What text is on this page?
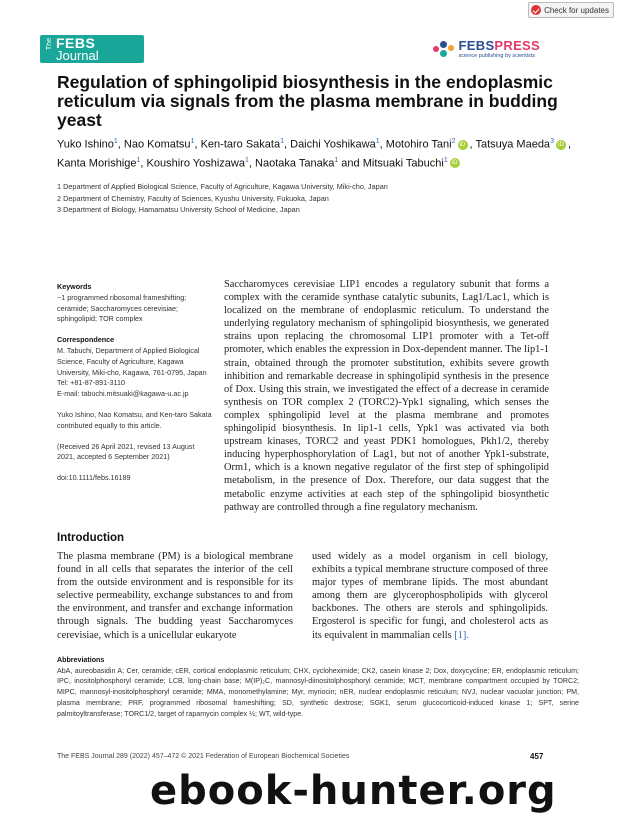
Check for updates
The FEBS
Journal
FEBSPRESS
science publishing by scientists
Regulation of sphingolipid biosynthesis in the endoplasmic reticulum via signals from the plasma membrane in budding yeast
Yuko Ishino$^1$, Nao Komatsu$^1$, Ken-taro Sakata$^1$, Daichi Yoshikawa$^1$, Motohiro Tani$^2$ iD , Tatsuya Maeda$^3$ iD , Kanta Morishige$^1$, Koushiro Yoshizawa$^1$, Naotaka Tanaka$^1$ and Mitsuaki Tabuchi$^1$ iD
1 Department of Applied Biological Science, Faculty of Agriculture, Kagawa University, Miki-cho, Japan
2 Department of Chemistry, Faculty of Sciences, Kyushu University, Fukuoka, Japan
3 Department of Biology, Hamamatsu University School of Medicine, Japan
Keywords

−1 programmed ribosomal frameshifting; ceramide; Saccharomyces cerevisiae; sphingolipid; TOR complex

Correspondence

M. Tabuchi, Department of Applied Biological Science, Faculty of Agriculture, Kagawa University, Miki-cho, Kagawa, 761-0795, Japan

Tel: +81-87-891-3110

E-mail: tabuchi.mitsuaki@kagawa-u.ac.jp

Yuko Ishino, Nao Komatsu, and Ken-taro Sakata contributed equally to this article.

(Received 26 April 2021, revised 13 August 2021, accepted 6 September 2021)

doi:10.1111/febs.16189

Saccharomyces cerevisiae LIP1 encodes a regulatory subunit that forms a complex with the ceramide synthase catalytic subunits, Lag1/Lac1, which is localized on the membrane of endoplasmic reticulum. To understand the underlying regulatory mechanism of sphingolipid biosynthesis, we generated strains upon replacing the chromosomal LIP1 promoter with a Tet-off promoter, which enables the expression in Dox-dependent manner. The lip1-1 strain, obtained through the promoter substitution, exhibits severe growth inhibition and remarkable decrease in sphingolipid synthesis in the presence of Dox. Using this strain, we investigated the effect of a decrease in ceramide synthesis on TOR complex 2 (TORC2)-Ypk1 signaling, which senses the complex sphingolipid level at the plasma membrane and promotes sphingolipid biosynthesis. In lip1-1 cells, Ypk1 was activated via both upstream kinases, TORC2 and yeast PDK1 homologues, Pkh1/2, thereby inducing hyperphosphorylation of Lag1, but not of another Ypk1-substrate, Orm1, which is a known negative regulator of the first step of sphingolipid metabolism, in the presence of Dox. Therefore, our data suggest that the metabolic enzyme activities at each step of the sphingolipid biosynthetic pathway are controlled through a fine regulatory mechanism.
Introduction
The plasma membrane (PM) is a biological membrane found in all cells that separates the interior of the cell from the outside environment and is responsible for its selective permeability, exchange substances to and from the environment, and transfer and exchange information through signals. The budding yeast Saccharomyces cerevisiae, which is a unicellular eukaryote
used widely as a model organism in cell biology, exhibits a typical membrane structure composed of three major types of membrane lipids. The most abundant among them are glycerophospholipids with glycerol backbones. The others are sterols and sphingolipids. Ergosterol is specific for fungi, and cholesterol acts as its equivalent in mammalian cells [1].
Abbreviations

AbA, aureobasidin A; Cer, ceramide; cER, cortical endoplasmic reticulum; CHX, cycloheximide; CK2, casein kinase 2; Dox, doxycycline; ER, endoplasmic reticulum; IPC, inositolphosphoryl ceramide; LCB, long-chain base; M(IP)₂C, mannosyl-diinositolphosphoryl ceramide; MCT, membrane compartment occupied by TORC2; MIPC, mannosyl-inositolphosphoryl ceramide; MMA, monomethylamine; Myr, myriocin; nER, nuclear endoplasmic reticulum; NVJ, nuclear vacuolar junction; PM, plasma membrane; PRF, programmed ribosomal frameshifting; SD, synthetic dextrose; SGK1, serum glucocorticoid-induced kinase 1; SPT, serine palmitoyltransferase; TORC1/2, target of rapamycin complex ½; WT, wild-type.

The FEBS Journal 289 (2022) 457–472 © 2021 Federation of European Biochemical Societies	457
ebook-hunter.org
